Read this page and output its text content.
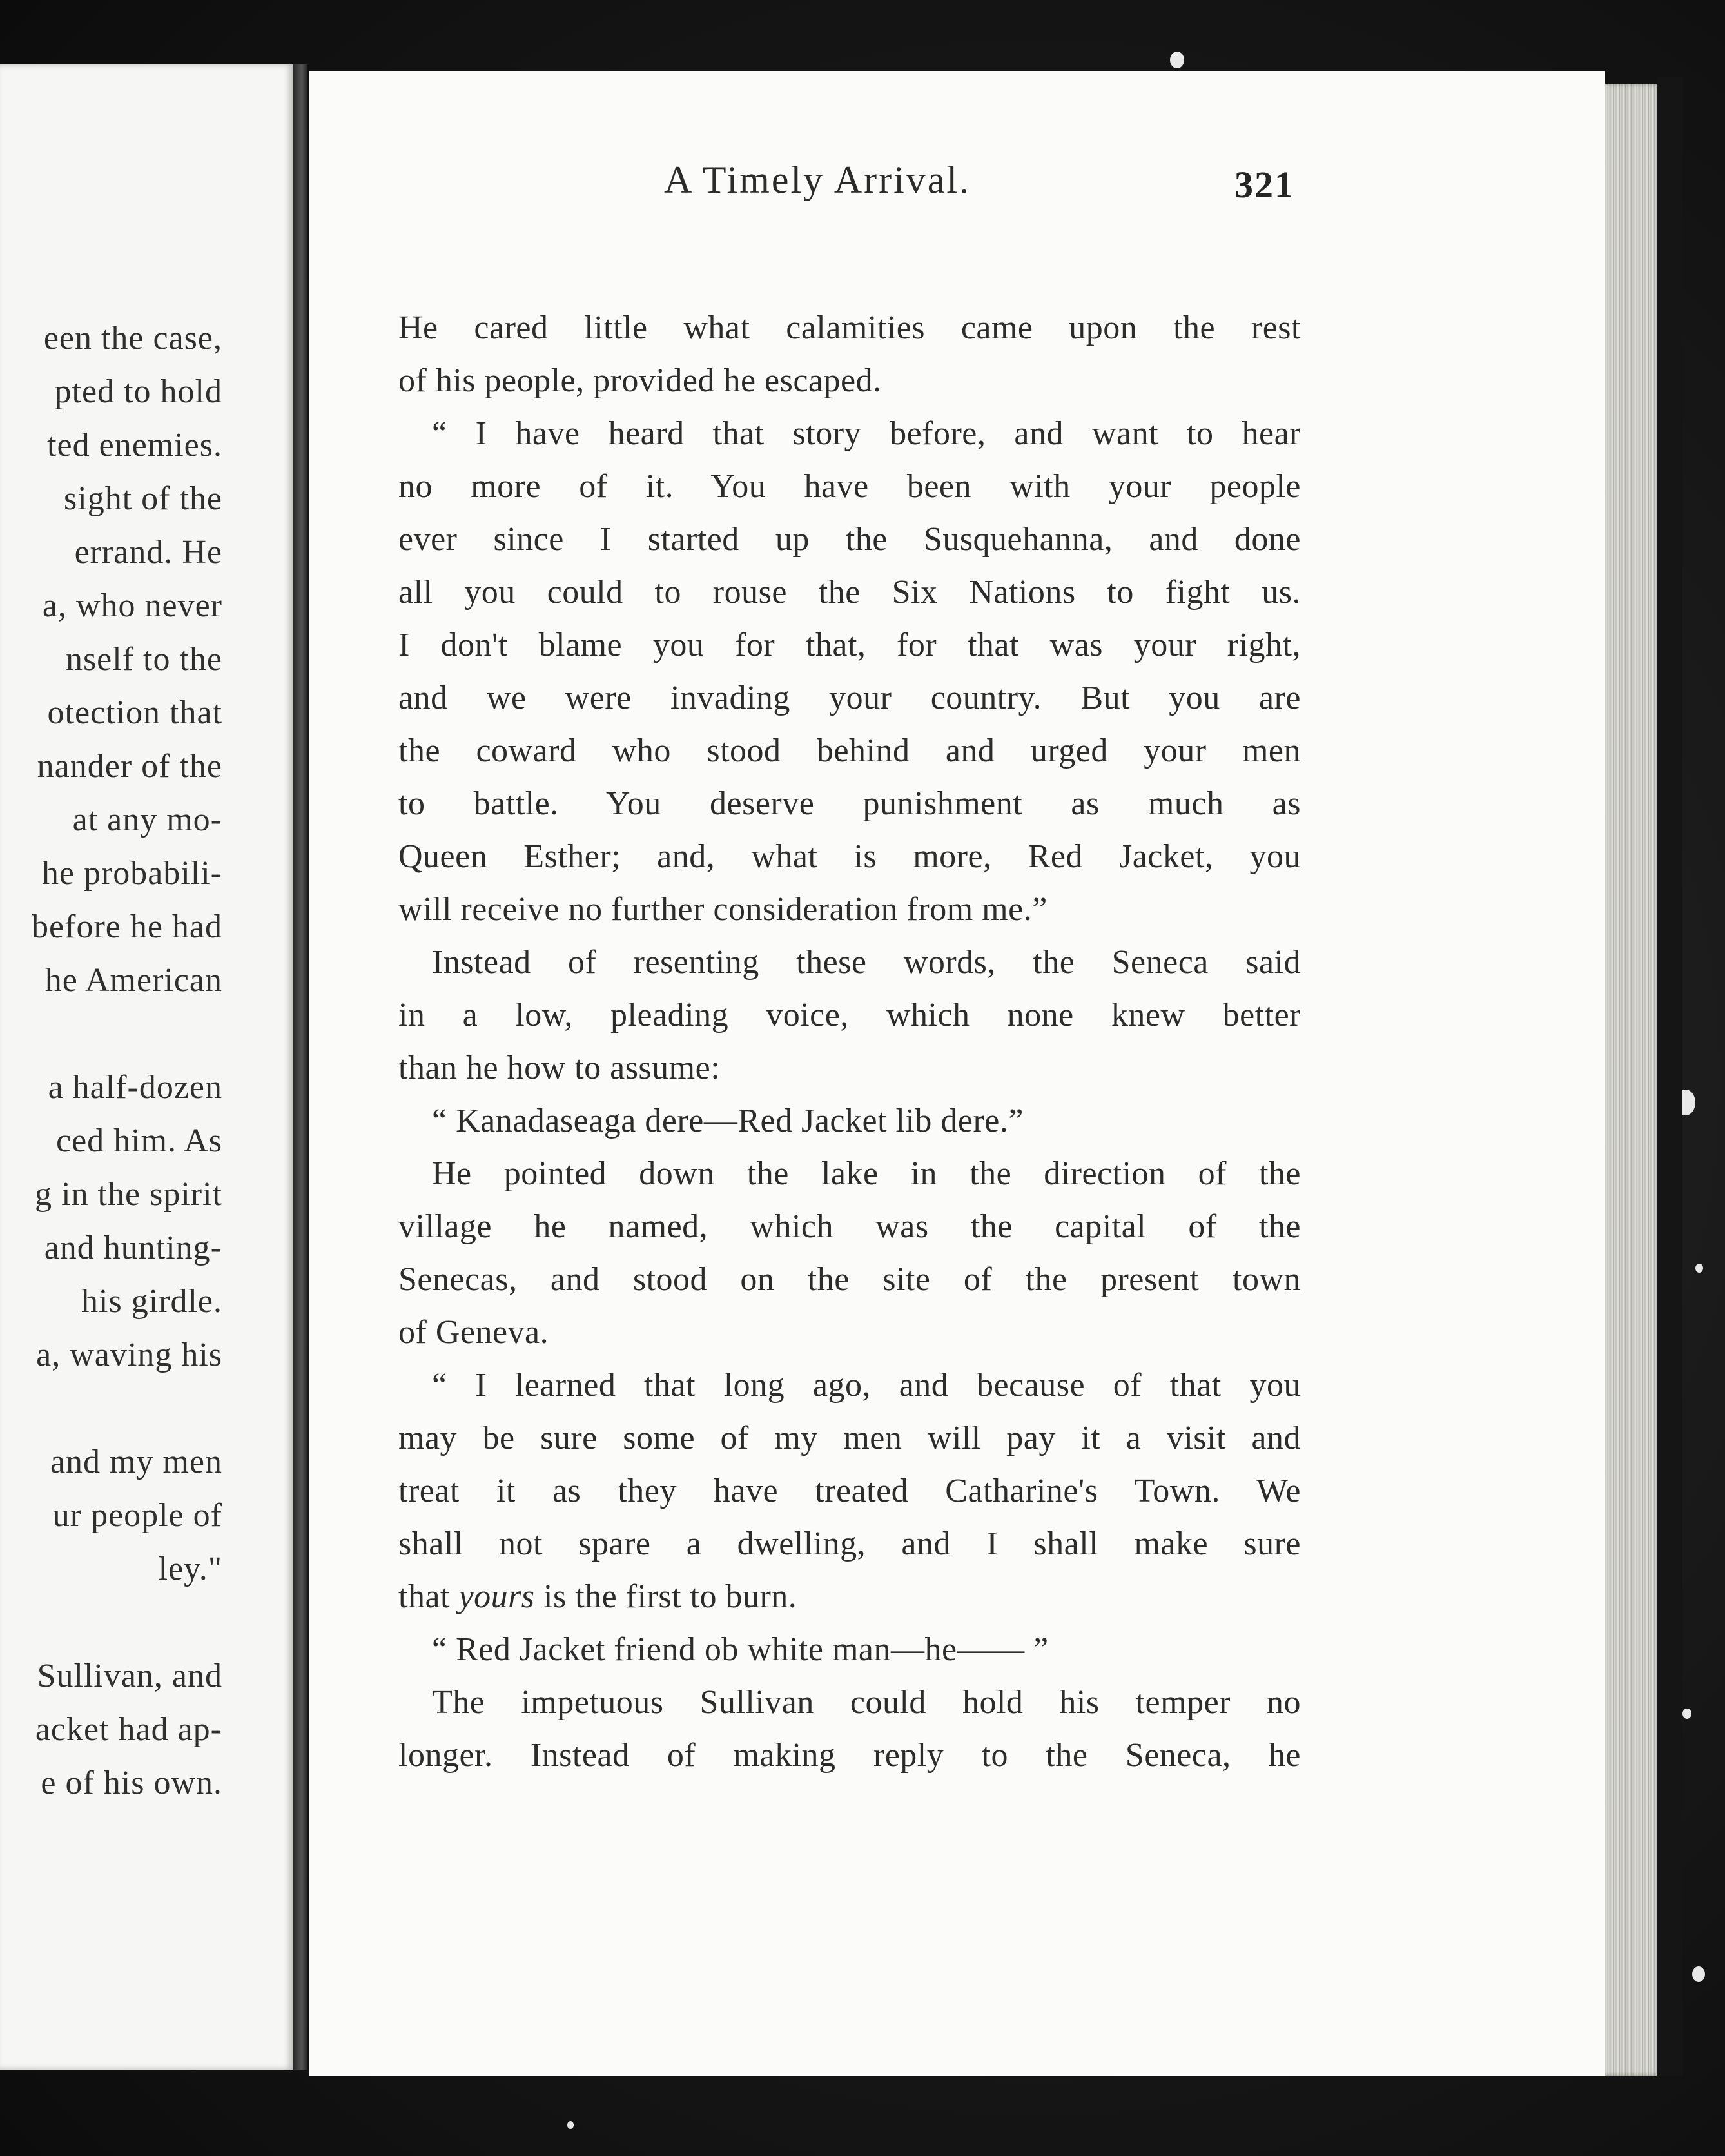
een the case,
pted to hold
ted enemies.
sight of the
errand. He
a, who never
nself to the
otection that
nander of the
at any mo-
he probabili-
before he had
he American
a half-dozen
ced him. As
g in the spirit
and hunting-
his girdle.
a, waving his
and my men
ur people of
ley."
Sullivan, and
acket had ap-
e of his own.
A Timely Arrival.	321
He cared little what calamities came upon the rest
of his people, provided he escaped.
“ I have heard that story before, and want to hear
no more of it. You have been with your people
ever since I started up the Susquehanna, and done
all you could to rouse the Six Nations to fight us.
I don't blame you for that, for that was your right,
and we were invading your country. But you are
the coward who stood behind and urged your men
to battle. You deserve punishment as much as
Queen Esther; and, what is more, Red Jacket, you
will receive no further consideration from me.”
Instead of resenting these words, the Seneca said
in a low, pleading voice, which none knew better
than he how to assume:
“ Kanadaseaga dere—Red Jacket lib dere.”
He pointed down the lake in the direction of the
village he named, which was the capital of the
Senecas, and stood on the site of the present town
of Geneva.
“ I learned that long ago, and because of that you
may be sure some of my men will pay it a visit and
treat it as they have treated Catharine's Town. We
shall not spare a dwelling, and I shall make sure
that yours is the first to burn.
“ Red Jacket friend ob white man—he—— ”
The impetuous Sullivan could hold his temper no
longer. Instead of making reply to the Seneca, he
